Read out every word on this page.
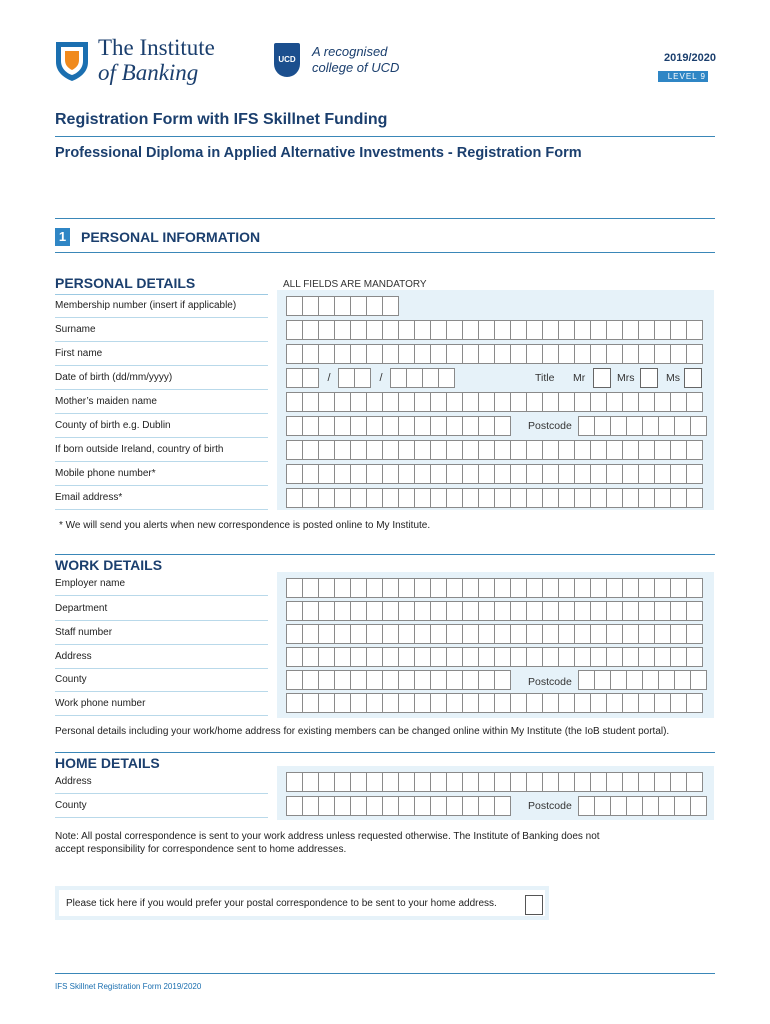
The Institute
of Banking
UCD
A recognised
college of UCD
2019/2020
LEVEL 9
Registration Form with IFS Skillnet Funding
Professional Diploma in Applied Alternative Investments - Registration Form
1 PERSONAL INFORMATION
PERSONAL DETAILS	ALL FIELDS ARE MANDATORY
Membership number (insert if applicable)
Surname
First name
Date of birth (dd/mm/yyyy)	/	/	Title Mr	Mrs	Ms
Mother’s maiden name
County of birth e.g. Dublin	Postcode
If born outside Ireland, country of birth
Mobile phone number*
Email address*
* We will send you alerts when new correspondence is posted online to My Institute.
WORK DETAILS
Employer name
Department
Staff number
Address
County	Postcode
Work phone number
Personal details including your work/home address for existing members can be changed online within My Institute (the IoB student portal).
HOME DETAILS
Address
County	Postcode
Note: All postal correspondence is sent to your work address unless requested otherwise. The Institute of Banking does not
accept responsibility for correspondence sent to home addresses.
Please tick here if you would prefer your postal correspondence to be sent to your home address.
IFS Skillnet Registration Form 2019/2020
